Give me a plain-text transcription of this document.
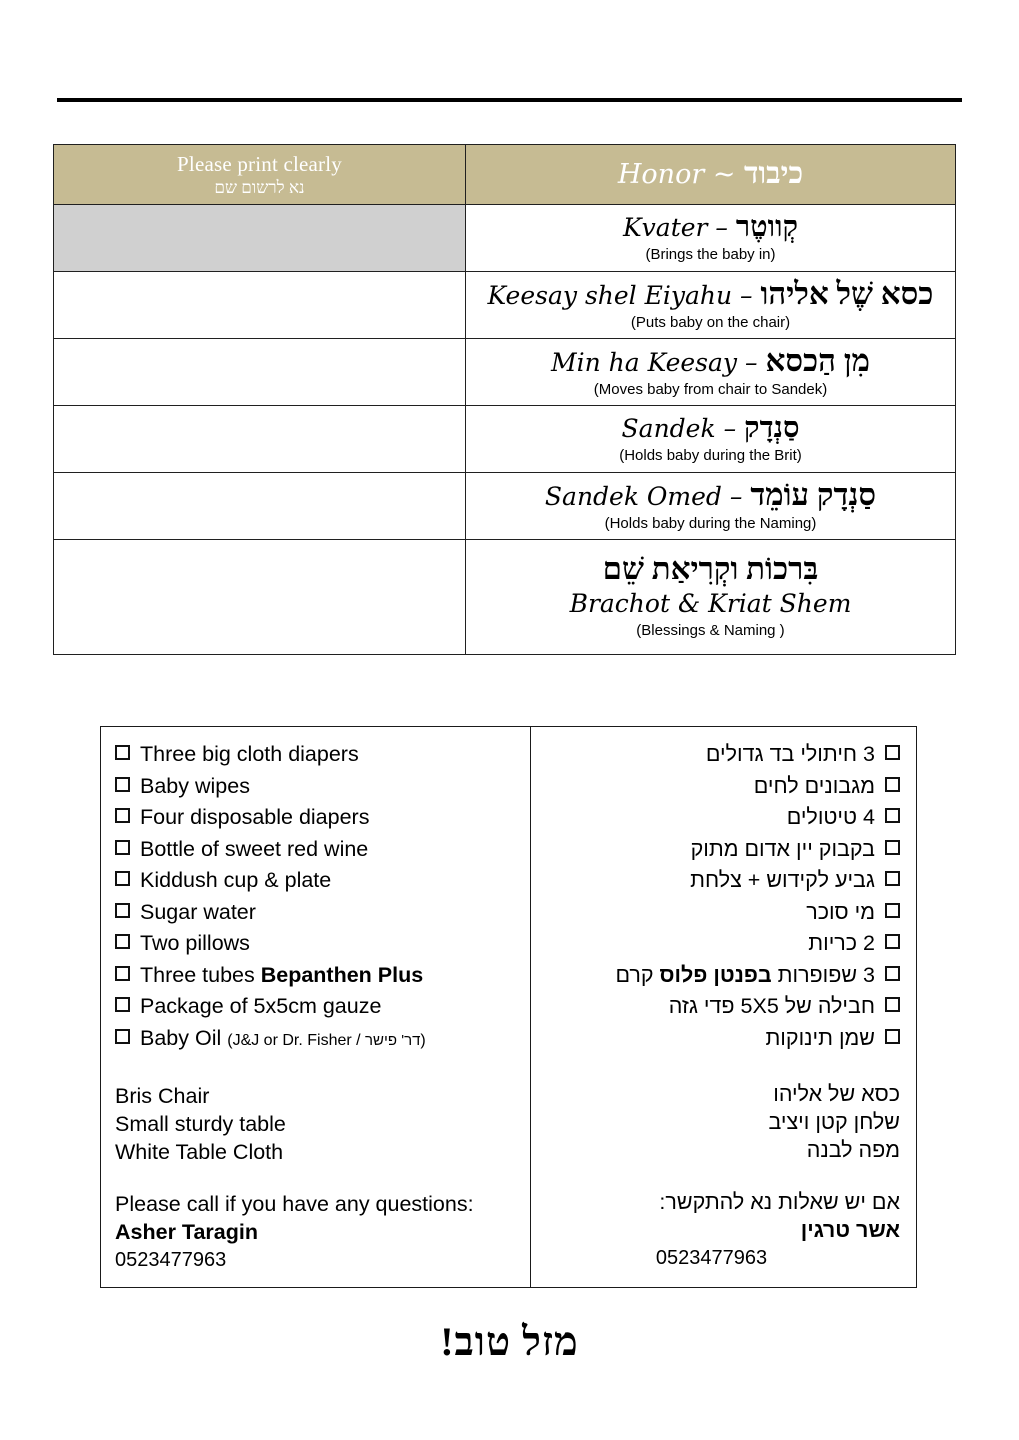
Please print clearly
נא לרשום שם	כיבוד ~ Honor

	קְווטֶר – Kvater
(Brings the baby in)

	כסא שֶׁל אליהו – Keesay shel Eiyahu
(Puts baby on the chair)

	מִן הַכסא – Min ha Keesay
(Moves baby from chair to Sandek)

	סַנְדָק – Sandek
(Holds baby during the Brit)

	סַנְדָק עוֹמֵד – Sandek Omed
(Holds baby during the Naming)

	בִּרכוֹת וקְרִיאַת שֵׁם
Brachot & Kriat Shem
(Blessings & Naming )
Three big cloth diapers
Baby wipes
Four disposable diapers
Bottle of sweet red wine
Kiddush cup & plate
Sugar water
Two pillows
Three tubes Bepanthen Plus
Package of 5x5cm gauze
Baby Oil (J&J or Dr. Fisher / דר' פישר)
Bris Chair
Small sturdy table
White Table Cloth
Please call if you have any questions:
Asher Taragin
0523477963
3 חיתולי בד גדולים
מגבונים לחים
4 טיטולים
בקבוק יין אדום מתוק
גביע לקידוש + צלחת
מי סוכר
2 כריות
3 שפופרות בפנטן פלוס קרם
חבילה של 5X5 פדי גזה
שמן תינוקות
כסא של אליהו
שלחן קטן ויציב
מפה לבנה
אם יש שאלות נא להתקשר:
אשר טרגין
0523477963
מזל טוב!
